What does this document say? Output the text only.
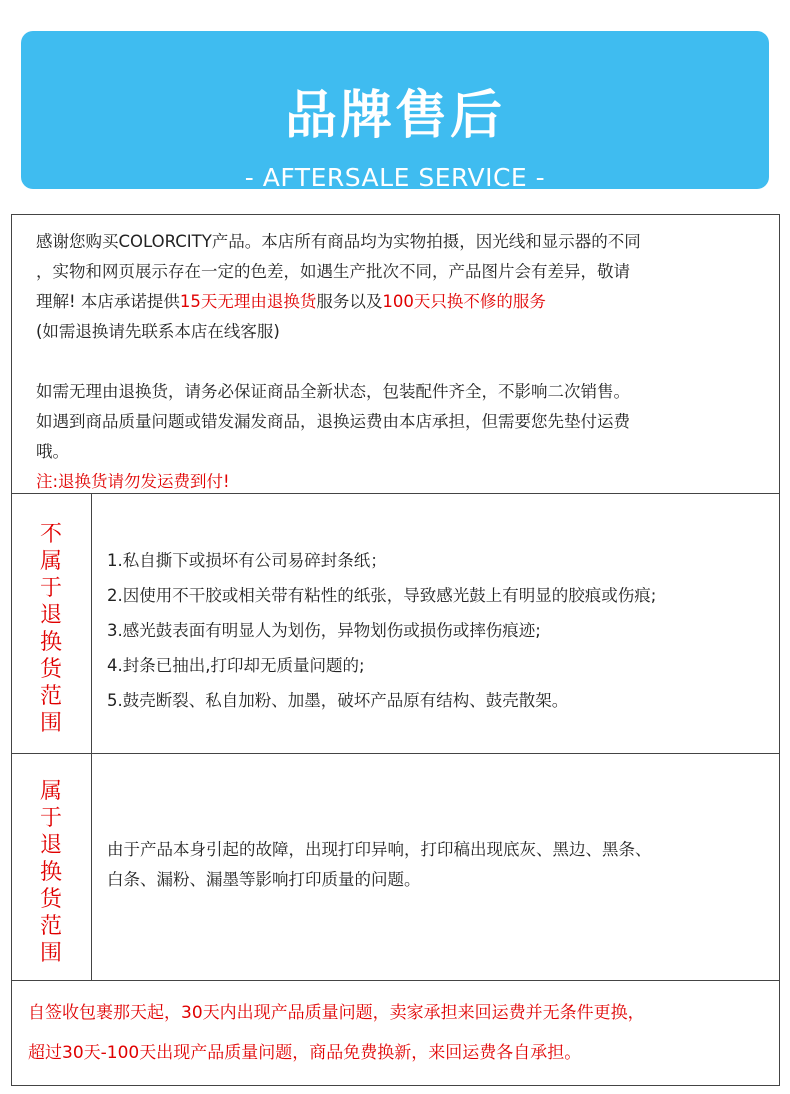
品牌售后
- AFTERSALE SERVICE -

感谢您购买COLORCITY产品。本店所有商品均为实物拍摄，因光线和显示器的不同

，实物和网页展示存在一定的色差，如遇生产批次不同，产品图片会有差异，敬请

理解! 本店承诺提供15天无理由退换货服务以及100天只换不修的服务

(如需退换请先联系本店在线客服)

如需无理由退换货，请务必保证商品全新状态，包装配件齐全，不影响二次销售。

如遇到商品质量问题或错发漏发商品，退换运费由本店承担，但需要您先垫付运费

哦。

注:退换货请勿发运费到付!

不属于退换货范围

1.私自撕下或损坏有公司易碎封条纸；

2.因使用不干胶或相关带有粘性的纸张，导致感光鼓上有明显的胶痕或伤痕;

3.感光鼓表面有明显人为划伤，异物划伤或损伤或摔伤痕迹;

4.封条已抽出,打印却无质量问题的;

5.鼓壳断裂、私自加粉、加墨，破坏产品原有结构、鼓壳散架。

属于退换货范围

由于产品本身引起的故障，出现打印异响，打印稿出现底灰、黑边、黑条、

白条、漏粉、漏墨等影响打印质量的问题。

自签收包裹那天起，30天内出现产品质量问题，卖家承担来回运费并无条件更换，

超过30天-100天出现产品质量问题，商品免费换新，来回运费各自承担。
